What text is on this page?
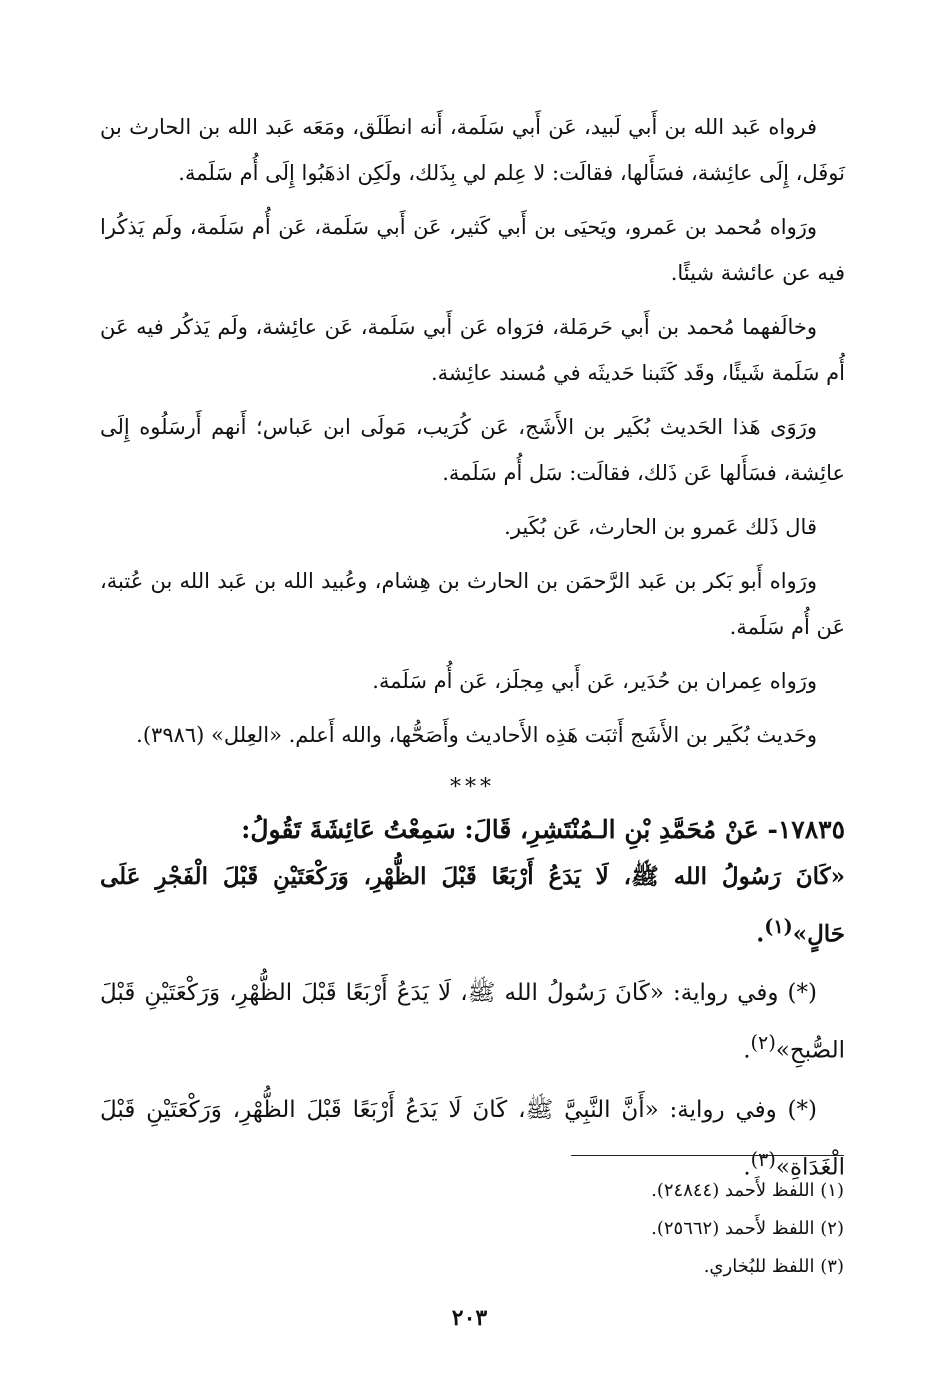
فرواه عَبد الله بن أَبي لَبيد، عَن أَبي سَلَمة، أَنه انطَلَق، ومَعَه عَبد الله بن الحارث بن نَوفَل، إِلَى عائِشة، فسَأَلها، فقالَت: لا عِلم لي بِذَلك، ولَكِن اذهَبُوا إِلَى أُم سَلَمة.

ورَواه مُحمد بن عَمرو، ويَحيَى بن أَبي كَثير، عَن أَبي سَلَمة، عَن أُم سَلَمة، ولَم يَذكُرا فيه عن عائشة شيئًا.

وخالَفهما مُحمد بن أَبي حَرمَلة، فرَواه عَن أَبي سَلَمة، عَن عائِشة، ولَم يَذكُر فيه عَن أُم سَلَمة شَيئًا، وقَد كَتَبنا حَديثَه في مُسند عائِشة.

ورَوَى هَذا الحَديث بُكَير بن الأَشَج، عَن كُرَيب، مَولَى ابن عَباس؛ أَنهم أَرسَلُوه إِلَى عائِشة، فسَأَلها عَن ذَلك، فقالَت: سَل أُم سَلَمة.

قال ذَلك عَمرو بن الحارث، عَن بُكَير.

ورَواه أَبو بَكر بن عَبد الرَّحمَن بن الحارث بن هِشام، وعُبيد الله بن عَبد الله بن عُتبة، عَن أُم سَلَمة.

ورَواه عِمران بن حُدَير، عَن أَبي مِجلَز، عَن أُم سَلَمة.

وحَديث بُكَير بن الأَشَج أَثبَت هَذِه الأَحاديث وأَصَحُّها، والله أَعلم. «العِلل» (٣٩٨٦).

***

١٧٨٣٥- عَنْ مُحَمَّدِ بْنِ الـمُنْتَشِرِ، قَالَ: سَمِعْتُ عَائِشَةَ تَقُولُ:

«كَانَ رَسُولُ الله ﷺ، لَا يَدَعُ أَرْبَعًا قَبْلَ الظُّهْرِ، وَرَكْعَتَيْنِ قَبْلَ الْفَجْرِ عَلَى حَالٍ»$^{(١)}$.

(*) وفي رواية: «كَانَ رَسُولُ الله ﷺ، لَا يَدَعُ أَرْبَعًا قَبْلَ الظُّهْرِ، وَرَكْعَتَيْنِ قَبْلَ الصُّبحِ»$^{(٢)}$.

(*) وفي رواية: «أَنَّ النَّبِيَّ ﷺ، كَانَ لَا يَدَعُ أَرْبَعًا قَبْلَ الظُّهْرِ، وَرَكْعَتَيْنِ قَبْلَ الْغَدَاةِ»$^{(٣)}$.

(١) اللفظ لأَحمد (٢٤٨٤٤).

(٢) اللفظ لأَحمد (٢٥٦٦٢).

(٣) اللفظ للبُخاري.

٢٠٣
